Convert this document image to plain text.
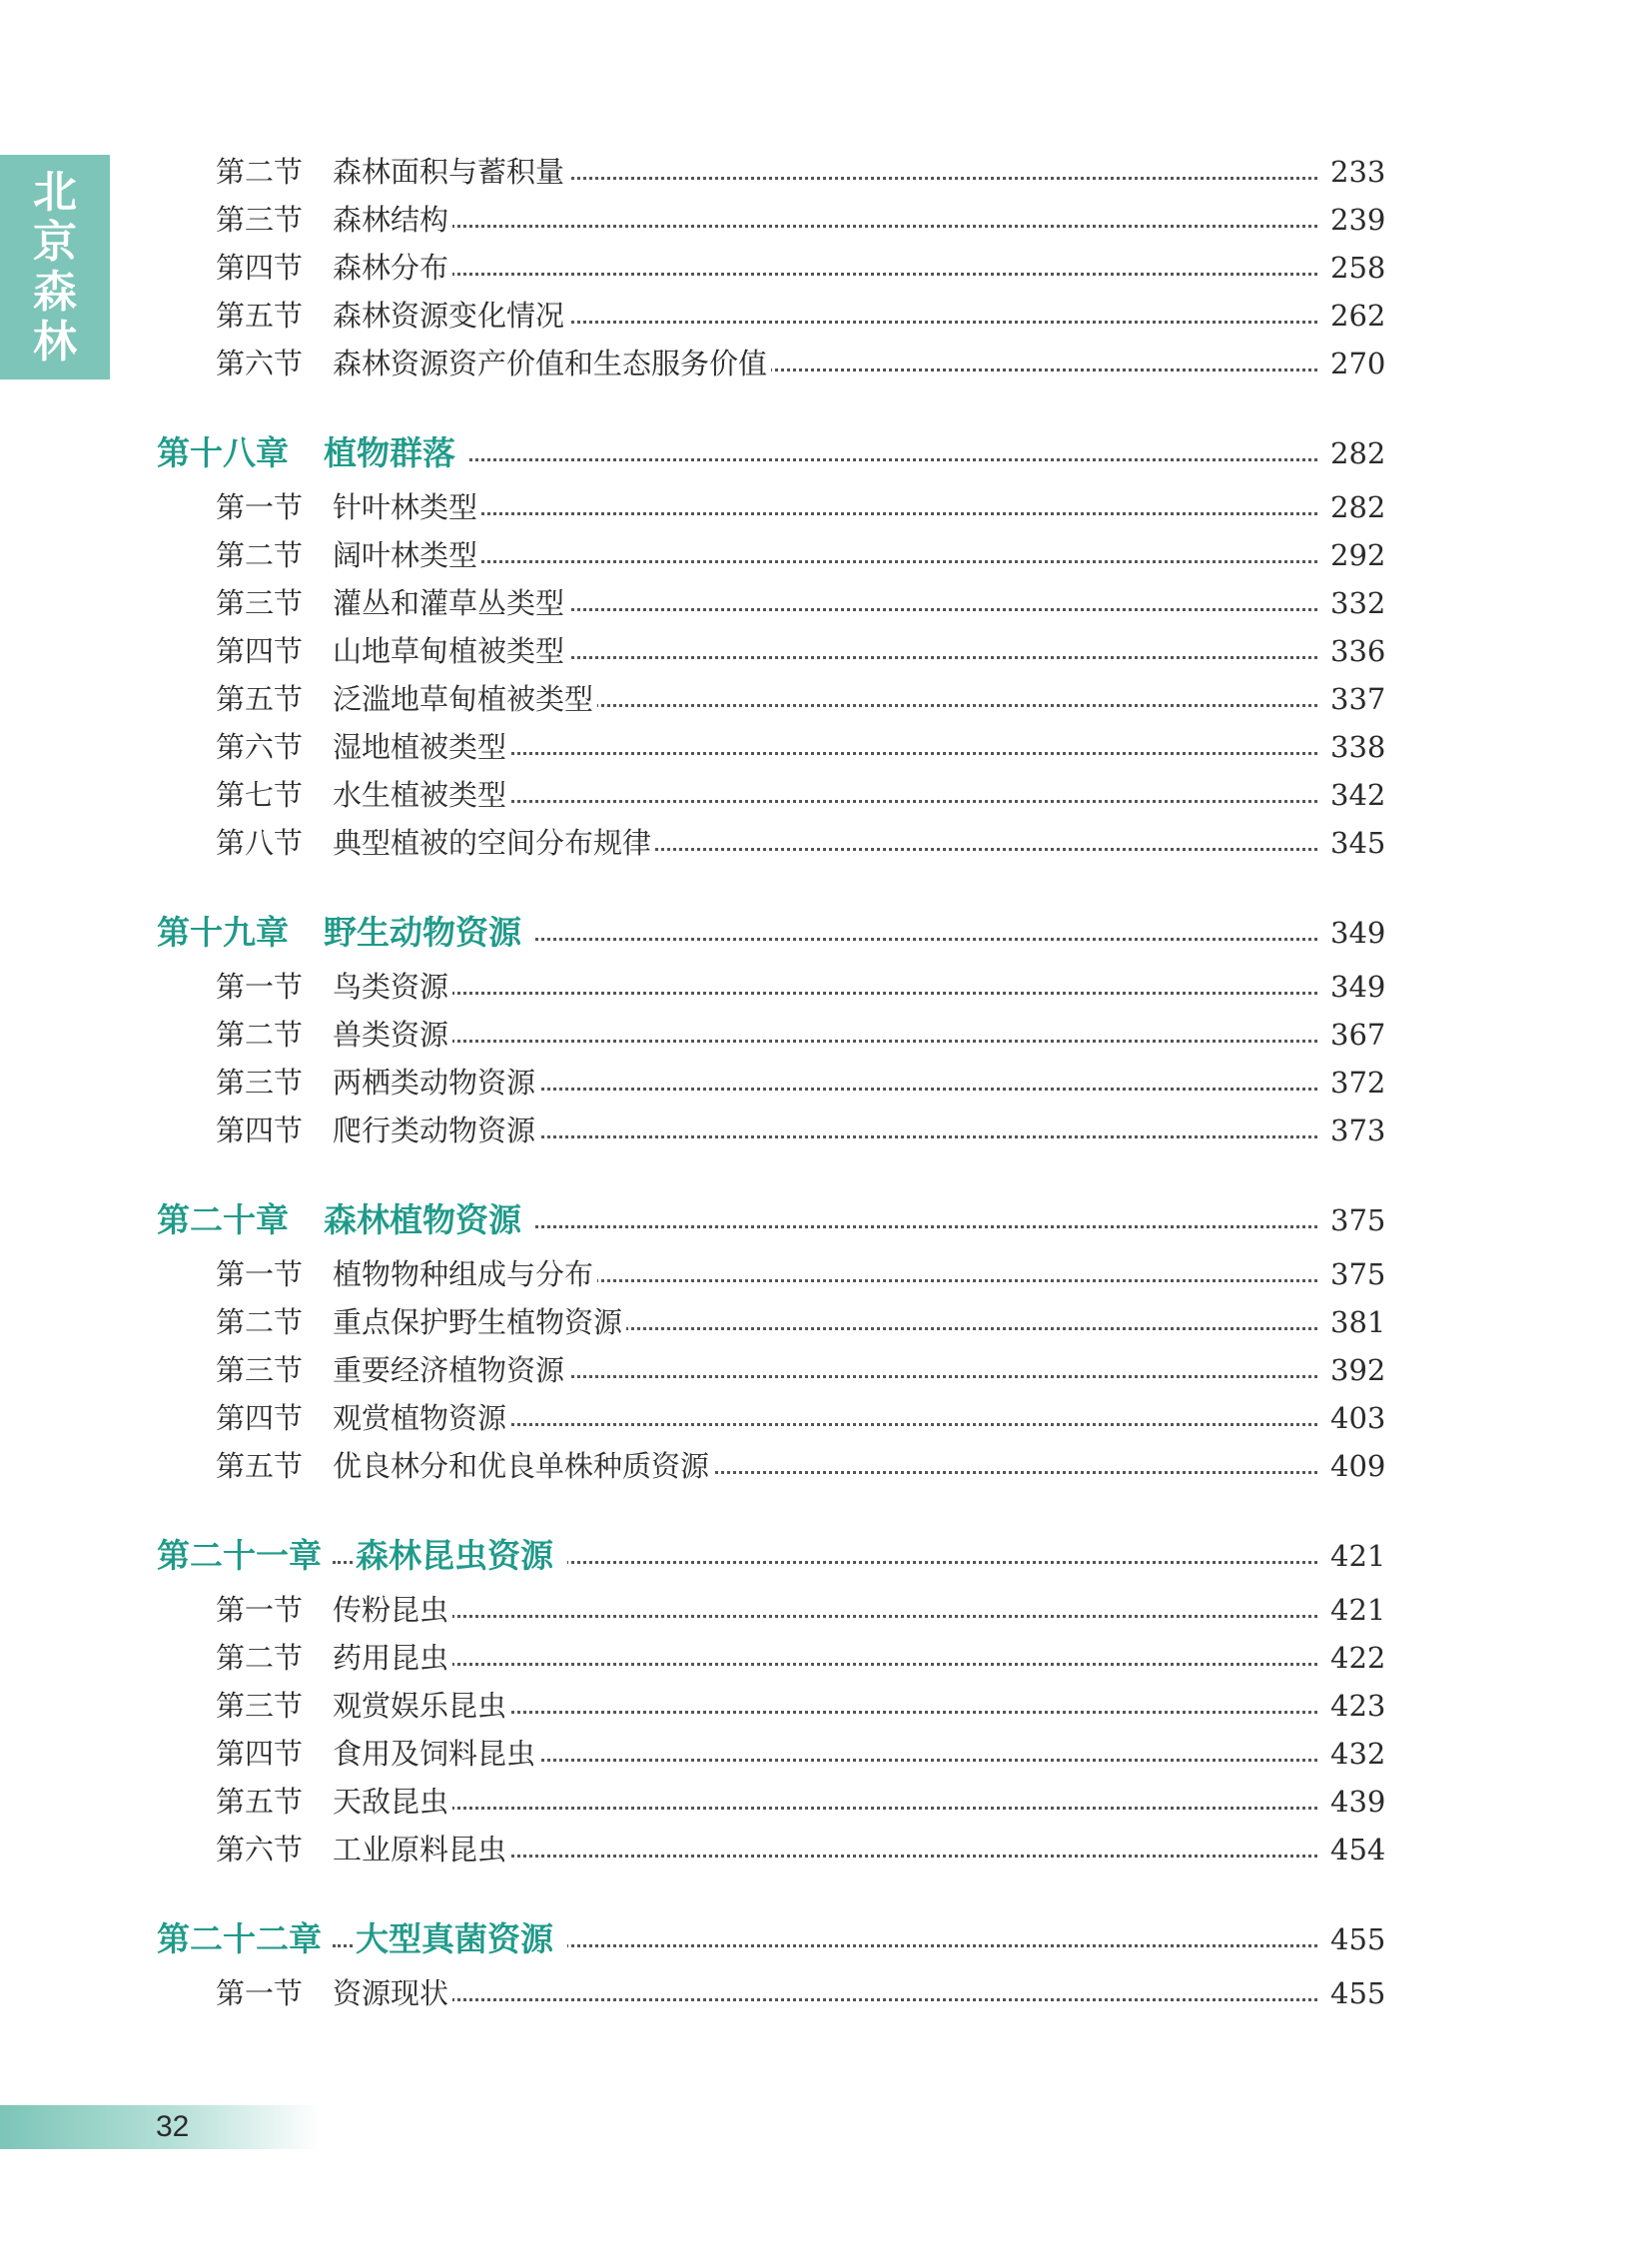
北
京
森
林
第二节 森林面积与蓄积量	233
第三节 森林结构	239
第四节 森林分布	258
第五节 森林资源变化情况	262
第六节 森林资源资产价值和生态服务价值	270
第十八章 植物群落	282
第一节 针叶林类型	282
第二节 阔叶林类型	292
第三节 灌丛和灌草丛类型	332
第四节 山地草甸植被类型	336
第五节 泛滥地草甸植被类型	337
第六节 湿地植被类型	338
第七节 水生植被类型	342
第八节 典型植被的空间分布规律	345
第十九章 野生动物资源	349
第一节 鸟类资源	349
第二节 兽类资源	367
第三节 两栖类动物资源	372
第四节 爬行类动物资源	373
第二十章 森林植物资源	375
第一节 植物物种组成与分布	375
第二节 重点保护野生植物资源	381
第三节 重要经济植物资源	392
第四节 观赏植物资源	403
第五节 优良林分和优良单株种质资源	409
第二十一章 森林昆虫资源	421
第一节 传粉昆虫	421
第二节 药用昆虫	422
第三节 观赏娱乐昆虫	423
第四节 食用及饲料昆虫	432
第五节 天敌昆虫	439
第六节 工业原料昆虫	454
第二十二章 大型真菌资源	455
第一节 资源现状	455
32
